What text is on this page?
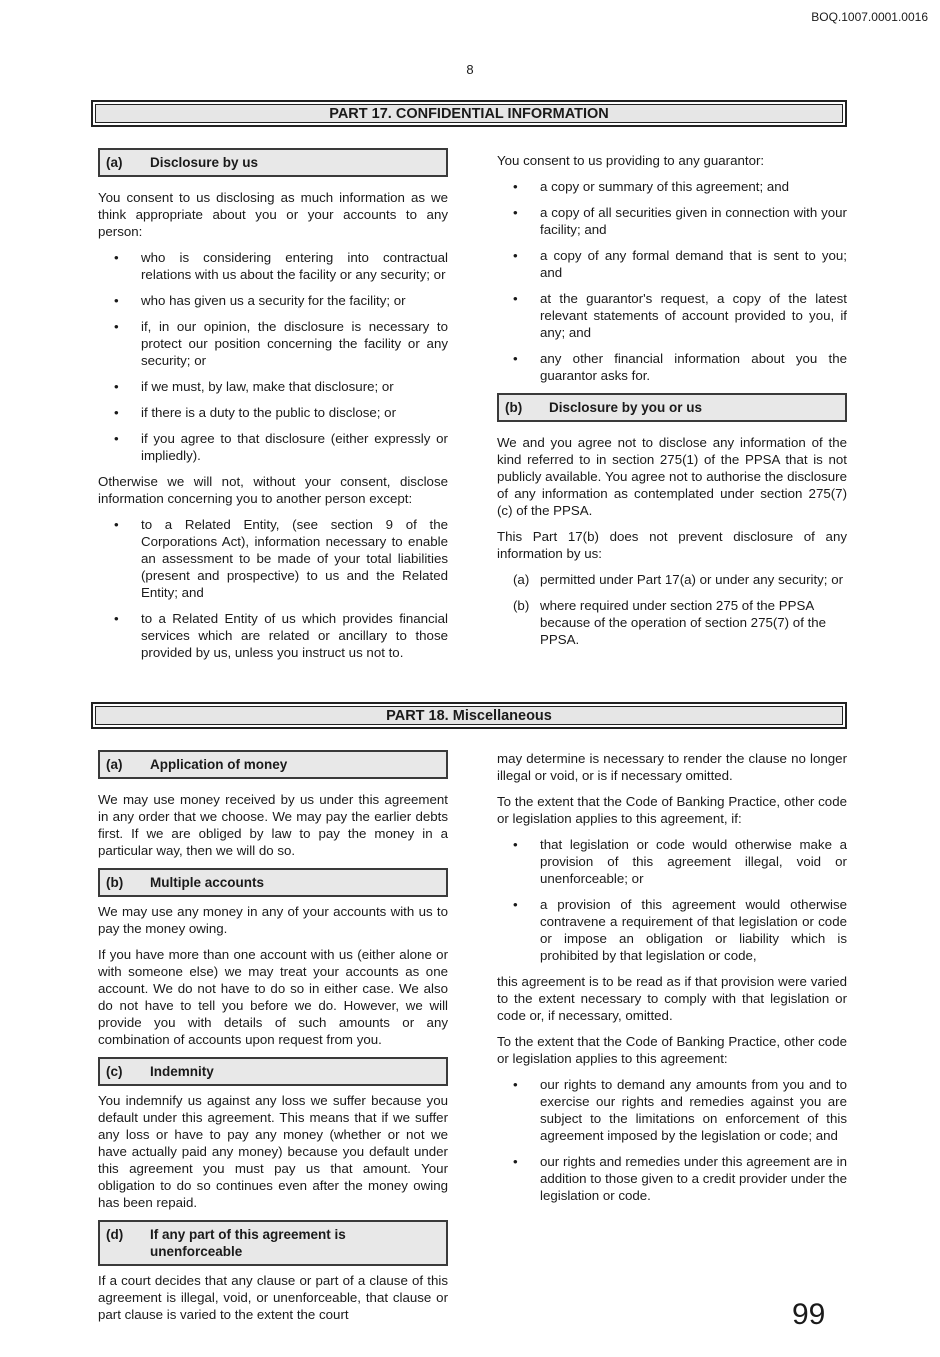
BOQ.1007.0001.0016
8
PART 17. CONFIDENTIAL INFORMATION
(a)	Disclosure by us

You consent to us disclosing as much information as we think appropriate about you or your accounts to any person:

• who is considering entering into contractual relations with us about the facility or any security; or
• who has given us a security for the facility; or
• if, in our opinion, the disclosure is necessary to protect our position concerning the facility or any security; or
• if we must, by law, make that disclosure; or
• if there is a duty to the public to disclose; or
• if you agree to that disclosure (either expressly or impliedly).

Otherwise we will not, without your consent, disclose information concerning you to another person except:

• to a Related Entity, (see section 9 of the Corporations Act), information necessary to enable an assessment to be made of your total liabilities (present and prospective) to us and the Related Entity; and
• to a Related Entity of us which provides financial services which are related or ancillary to those provided by us, unless you instruct us not to.

You consent to us providing to any guarantor:

• a copy or summary of this agreement; and
• a copy of all securities given in connection with your facility; and
• a copy of any formal demand that is sent to you; and
• at the guarantor's request, a copy of the latest relevant statements of account provided to you, if any; and
• any other financial information about you the guarantor asks for.
(b)	Disclosure by you or us

We and you agree not to disclose any information of the kind referred to in section 275(1) of the PPSA that is not publicly available. You agree not to authorise the disclosure of any information as contemplated under section 275(7) (c) of the PPSA.

This Part 17(b) does not prevent disclosure of any information by us:

(a) permitted under Part 17(a) or under any security; or
(b) where required under section 275 of the PPSA because of the operation of section 275(7) of the PPSA.
PART 18. Miscellaneous
(a)	Application of money

We may use money received by us under this agreement in any order that we choose. We may pay the earlier debts first. If we are obliged by law to pay the money in a particular way, then we will do so.

(b)	Multiple accounts

We may use any money in any of your accounts with us to pay the money owing.

If you have more than one account with us (either alone or with someone else) we may treat your accounts as one account. We do not have to do so in either case. We also do not have to tell you before we do. However, we will provide you with details of such amounts or any combination of accounts upon request from you.

(c)	Indemnity

You indemnify us against any loss we suffer because you default under this agreement. This means that if we suffer any loss or have to pay any money (whether or not we have actually paid any money) because you default under this agreement you must pay us that amount. Your obligation to do so continues even after the money owing has been repaid.

(d)	If any part of this agreement is unenforceable

If a court decides that any clause or part of a clause of this agreement is illegal, void, or unenforceable, that clause or part clause is varied to the extent the court

may determine is necessary to render the clause no longer illegal or void, or is if necessary omitted.

To the extent that the Code of Banking Practice, other code or legislation applies to this agreement, if:

• that legislation or code would otherwise make a provision of this agreement illegal, void or unenforceable; or
• a provision of this agreement would otherwise contravene a requirement of that legislation or code or impose an obligation or liability which is prohibited by that legislation or code,

this agreement is to be read as if that provision were varied to the extent necessary to comply with that legislation or code or, if necessary, omitted.

To the extent that the Code of Banking Practice, other code or legislation applies to this agreement:

• our rights to demand any amounts from you and to exercise our rights and remedies against you are subject to the limitations on enforcement of this agreement imposed by the legislation or code; and
• our rights and remedies under this agreement are in addition to those given to a credit provider under the legislation or code.
99
